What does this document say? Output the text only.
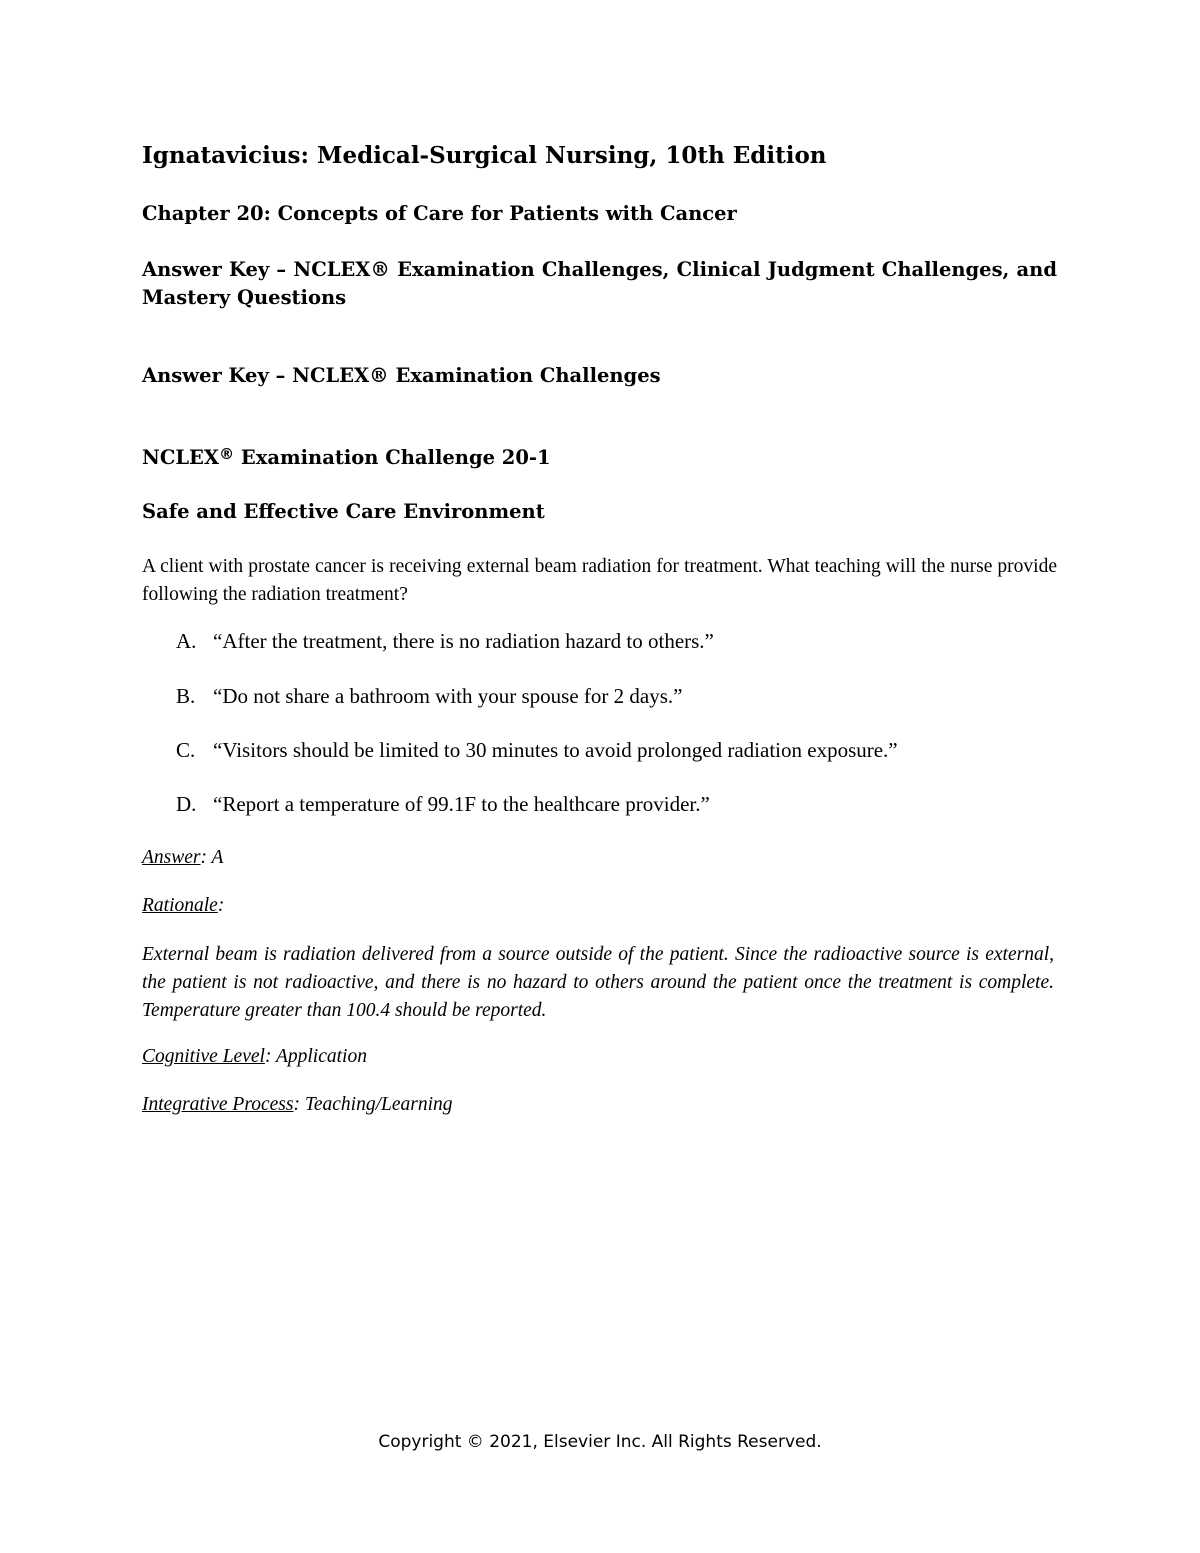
Ignatavicius: Medical-Surgical Nursing, 10th Edition

Chapter 20: Concepts of Care for Patients with Cancer

Answer Key – NCLEX® Examination Challenges, Clinical Judgment Challenges, and Mastery Questions

Answer Key – NCLEX® Examination Challenges

NCLEX® Examination Challenge 20-1

Safe and Effective Care Environment

A client with prostate cancer is receiving external beam radiation for treatment. What teaching will the nurse provide following the radiation treatment?

A. “After the treatment, there is no radiation hazard to others.”

B. “Do not share a bathroom with your spouse for 2 days.”

C. “Visitors should be limited to 30 minutes to avoid prolonged radiation exposure.”

D. “Report a temperature of 99.1F to the healthcare provider.”

Answer: A

Rationale:

External beam is radiation delivered from a source outside of the patient. Since the radioactive source is external, the patient is not radioactive, and there is no hazard to others around the patient once the treatment is complete. Temperature greater than 100.4 should be reported.

Cognitive Level: Application

Integrative Process: Teaching/Learning

Copyright © 2021, Elsevier Inc. All Rights Reserved.
